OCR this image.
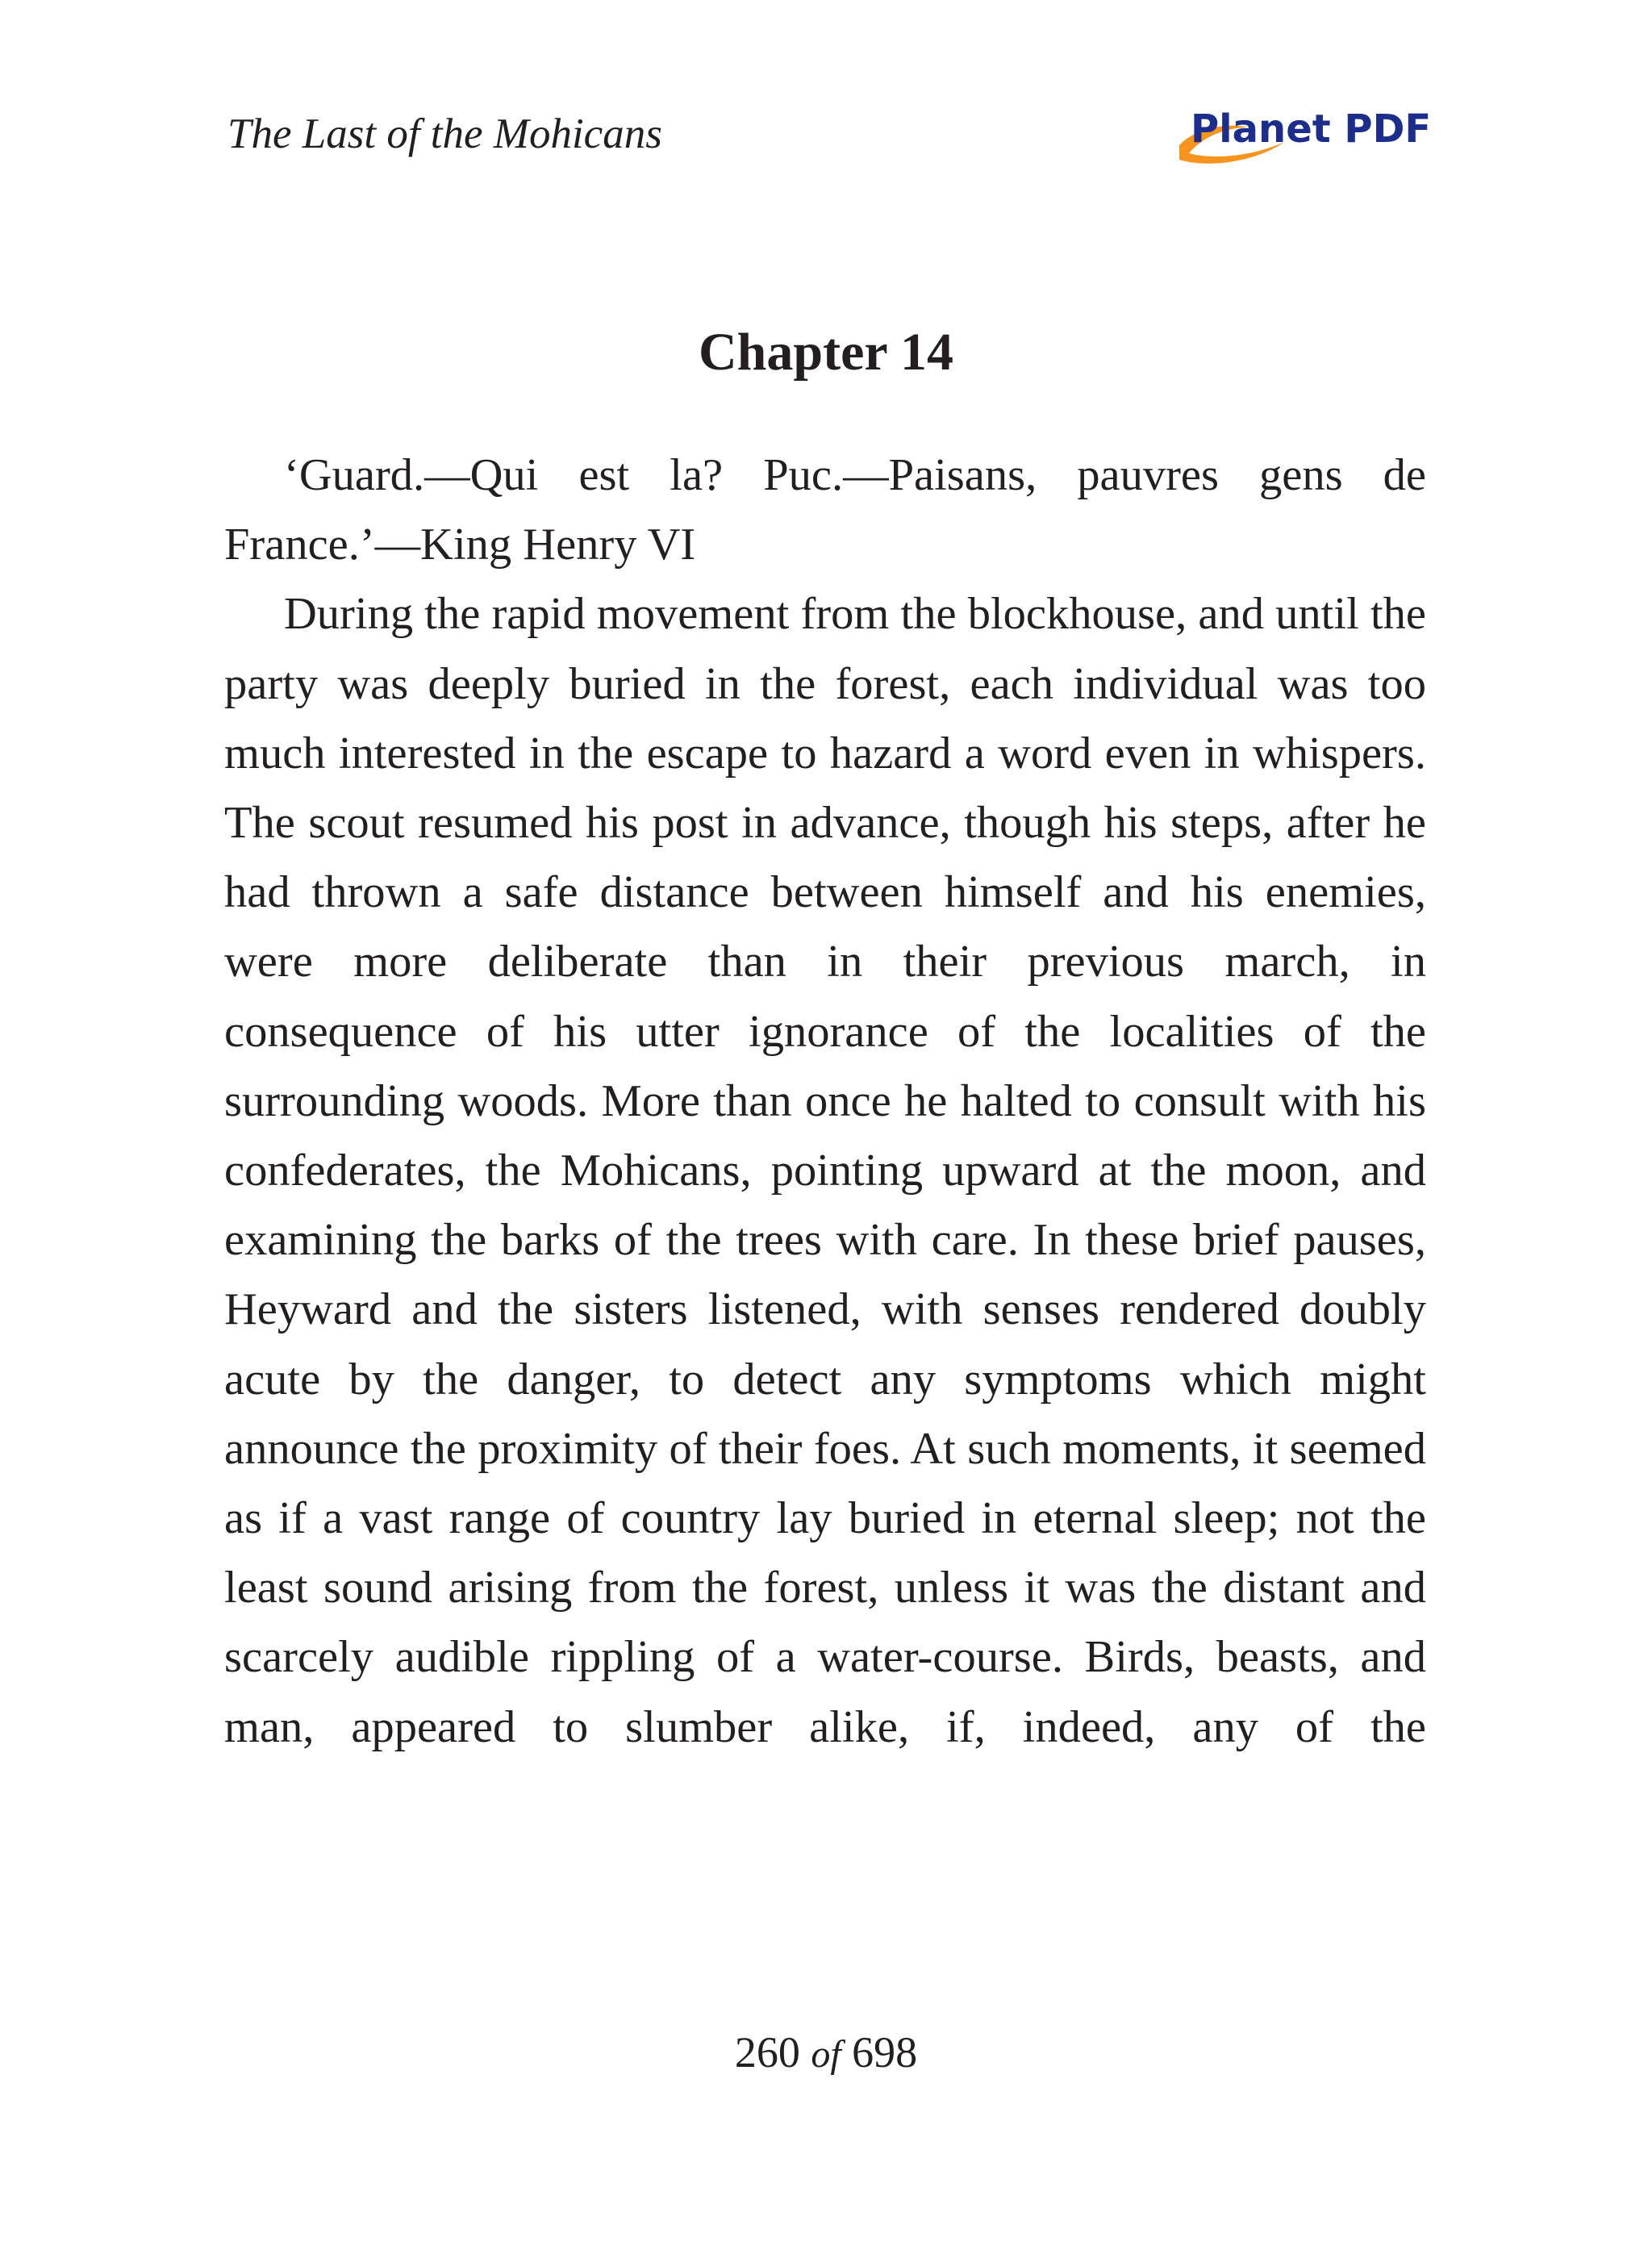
The Last of the Mohicans	Planet PDF
Chapter 14

‘Guard.—Qui est la? Puc.—Paisans, pauvres gens de France.’—King Henry VI

During the rapid movement from the blockhouse, and until the party was deeply buried in the forest, each individual was too much interested in the escape to hazard a word even in whispers. The scout resumed his post in advance, though his steps, after he had thrown a safe distance between himself and his enemies, were more deliberate than in their previous march, in consequence of his utter ignorance of the localities of the surrounding woods. More than once he halted to consult with his confederates, the Mohicans, pointing upward at the moon, and examining the barks of the trees with care. In these brief pauses, Heyward and the sisters listened, with senses rendered doubly acute by the danger, to detect any symptoms which might announce the proximity of their foes. At such moments, it seemed as if a vast range of country lay buried in eternal sleep; not the least sound arising from the forest, unless it was the distant and scarcely audible rippling of a water-course. Birds, beasts, and man, appeared to slumber alike, if, indeed, any of the

260 of 698
